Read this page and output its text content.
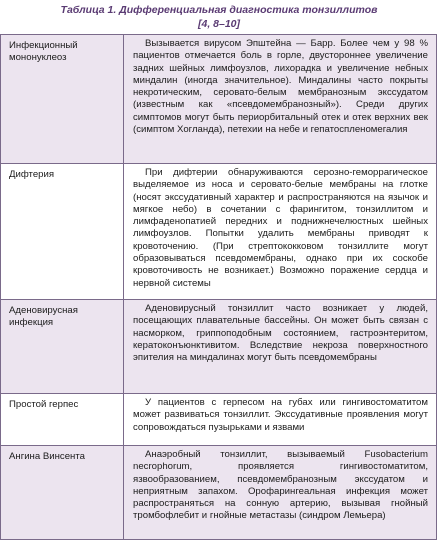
Таблица 1. Дифференциальная диагностика тонзиллитов
[4, 8–10]
Инфекционный мононуклеоз	Вызывается вирусом Эпштейна — Барр. Более чем у 98 % пациентов отмечается боль в горле, двустороннее увеличение задних шейных лимфоузлов, лихорадка и увеличение небных миндалин (иногда значительное). Миндалины часто покрыты некротическим, серовато-белым мембранозным экссудатом (известным как «псевдомембранозный»). Среди других симптомов могут быть периорбитальный отек и отек верхних век (симптом Хогланда), петехии на небе и гепатоспленомегалия
Дифтерия	При дифтерии обнаруживаются серозно-геморрагическое выделяемое из носа и серовато-белые мембраны на глотке (носят экссудативный характер и распространяются на язычок и мягкое небо) в сочетании с фарингитом, тонзиллитом и лимфаденопатией передних и поднижнечелюстных шейных лимфоузлов. Попытки удалить мембраны приводят к кровоточению. (При стрептококковом тонзиллите могут образовываться псевдомембраны, однако при их соскобе кровоточивость не возникает.) Возможно поражение сердца и нервной системы
Аденовирусная инфекция	Аденовирусный тонзиллит часто возникает у людей, посещающих плавательные бассейны. Он может быть связан с насморком, гриппоподобным состоянием, гастроэнтеритом, кератоконъюнктивитом. Вследствие некроза поверхностного эпителия на миндалинах могут быть псевдомембраны
Простой герпес	У пациентов с герпесом на губах или гингивостоматитом может развиваться тонзиллит. Экссудативные проявления могут сопровождаться пузырьками и язвами
Ангина Винсента	Анаэробный тонзиллит, вызываемый Fusobacterium necrophorum, проявляется гингивостоматитом, язвообразованием, псевдомембранозным экссудатом и неприятным запахом. Орофарингеальная инфекция может распространяться на сонную артерию, вызывая гнойный тромбофлебит и гнойные метастазы (синдром Лемьера)
